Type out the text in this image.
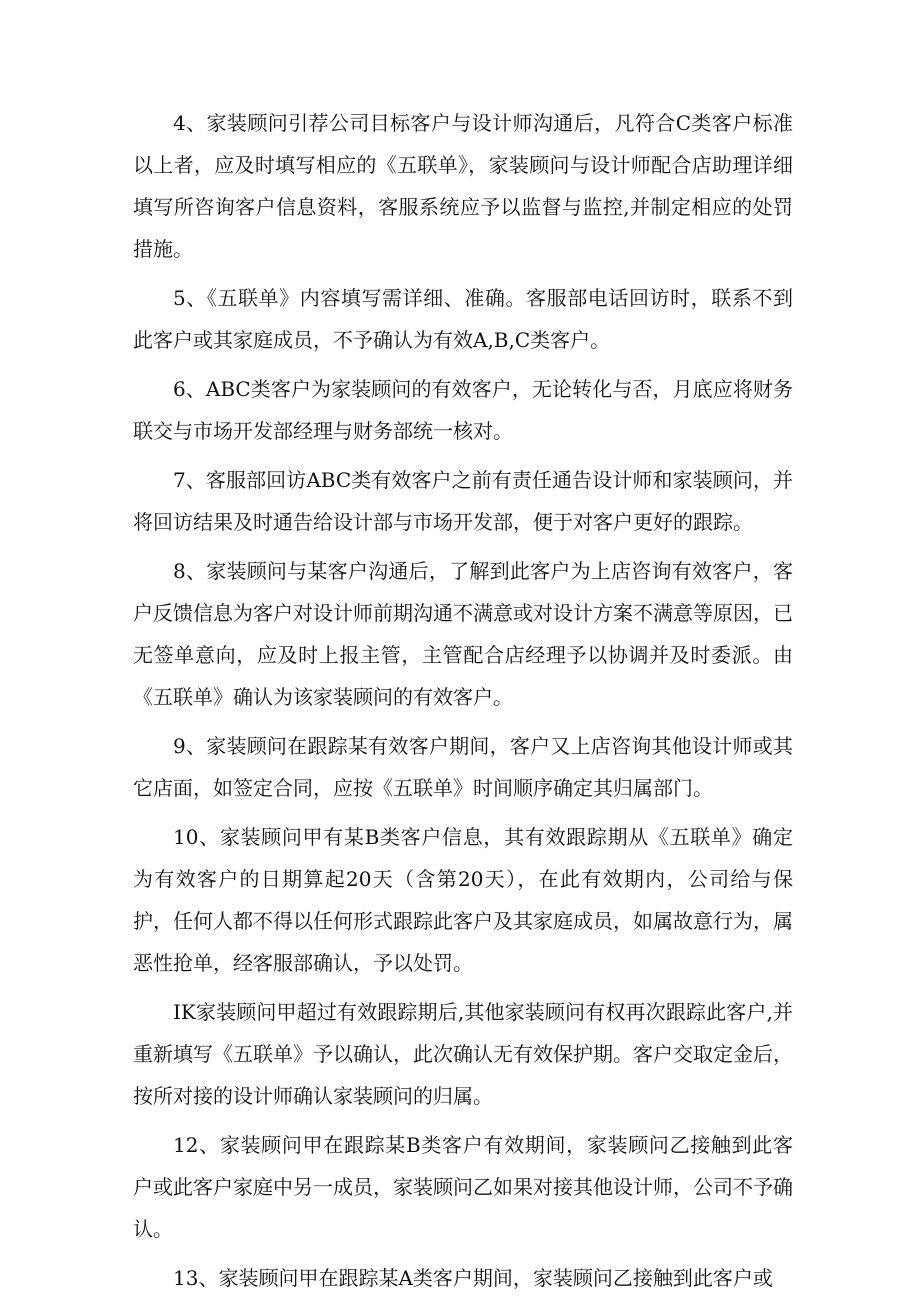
4、家装顾问引荐公司目标客户与设计师沟通后，凡符合C类客户标准以上者，应及时填写相应的《五联单》，家装顾问与设计师配合店助理详细填写所咨询客户信息资料，客服系统应予以监督与监控,并制定相应的处罚措施。

5、《五联单》内容填写需详细、准确。客服部电话回访时，联系不到此客户或其家庭成员，不予确认为有效A,B,C类客户。

6、ABC类客户为家装顾问的有效客户，无论转化与否，月底应将财务联交与市场开发部经理与财务部统一核对。

7、客服部回访ABC类有效客户之前有责任通告设计师和家装顾问，并将回访结果及时通告给设计部与市场开发部，便于对客户更好的跟踪。

8、家装顾问与某客户沟通后，了解到此客户为上店咨询有效客户，客户反馈信息为客户对设计师前期沟通不满意或对设计方案不满意等原因，已无签单意向，应及时上报主管，主管配合店经理予以协调并及时委派。由《五联单》确认为该家装顾问的有效客户。

9、家装顾问在跟踪某有效客户期间，客户又上店咨询其他设计师或其它店面，如签定合同，应按《五联单》时间顺序确定其归属部门。

10、家装顾问甲有某B类客户信息，其有效跟踪期从《五联单》确定为有效客户的日期算起20天（含第20天），在此有效期内，公司给与保护，任何人都不得以任何形式跟踪此客户及其家庭成员，如属故意行为，属恶性抢单，经客服部确认，予以处罚。

IK家装顾问甲超过有效跟踪期后,其他家装顾问有权再次跟踪此客户,并重新填写《五联单》予以确认，此次确认无有效保护期。客户交取定金后，按所对接的设计师确认家装顾问的归属。

12、家装顾问甲在跟踪某B类客户有效期间，家装顾问乙接触到此客户或此客户家庭中另一成员，家装顾问乙如果对接其他设计师，公司不予确认。

13、家装顾问甲在跟踪某A类客户期间，家装顾问乙接触到此客户或
